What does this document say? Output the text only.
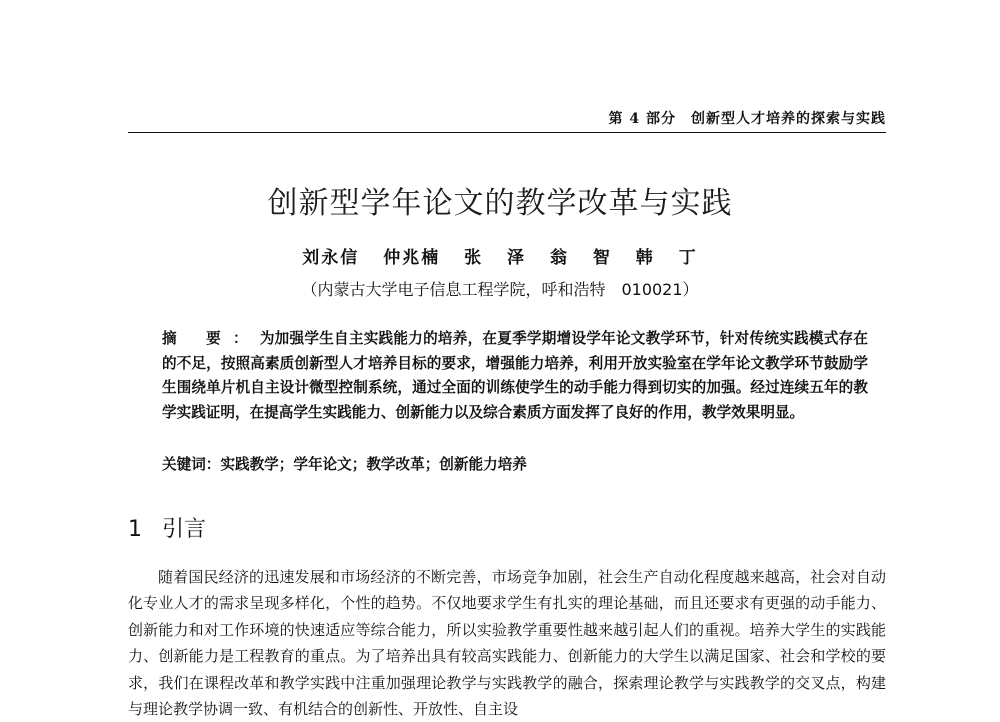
第 4 部分　创新型人才培养的探索与实践
创新型学年论文的教学改革与实践
刘永信 仲兆楠 张 泽 翁 智 韩 丁
（内蒙古大学电子信息工程学院，呼和浩特　010021）
摘 要：为加强学生自主实践能力的培养，在夏季学期增设学年论文教学环节，针对传统实践模式存在的不足，按照高素质创新型人才培养目标的要求，增强能力培养，利用开放实验室在学年论文教学环节鼓励学生围绕单片机自主设计微型控制系统，通过全面的训练使学生的动手能力得到切实的加强。经过连续五年的教学实践证明，在提高学生实践能力、创新能力以及综合素质方面发挥了良好的作用，教学效果明显。
关键词：实践教学；学年论文；教学改革；创新能力培养
1 引言

随着国民经济的迅速发展和市场经济的不断完善，市场竞争加剧，社会生产自动化程度越来越高，社会对自动化专业人才的需求呈现多样化，个性的趋势。不仅地要求学生有扎实的理论基础，而且还要求有更强的动手能力、创新能力和对工作环境的快速适应等综合能力，所以实验教学重要性越来越引起人们的重视。培养大学生的实践能力、创新能力是工程教育的重点。为了培养出具有较高实践能力、创新能力的大学生以满足国家、社会和学校的要求，我们在课程改革和教学实践中注重加强理论教学与实践教学的融合，探索理论教学与实践教学的交叉点，构建与理论教学协调一致、有机结合的创新性、开放性、自主设
